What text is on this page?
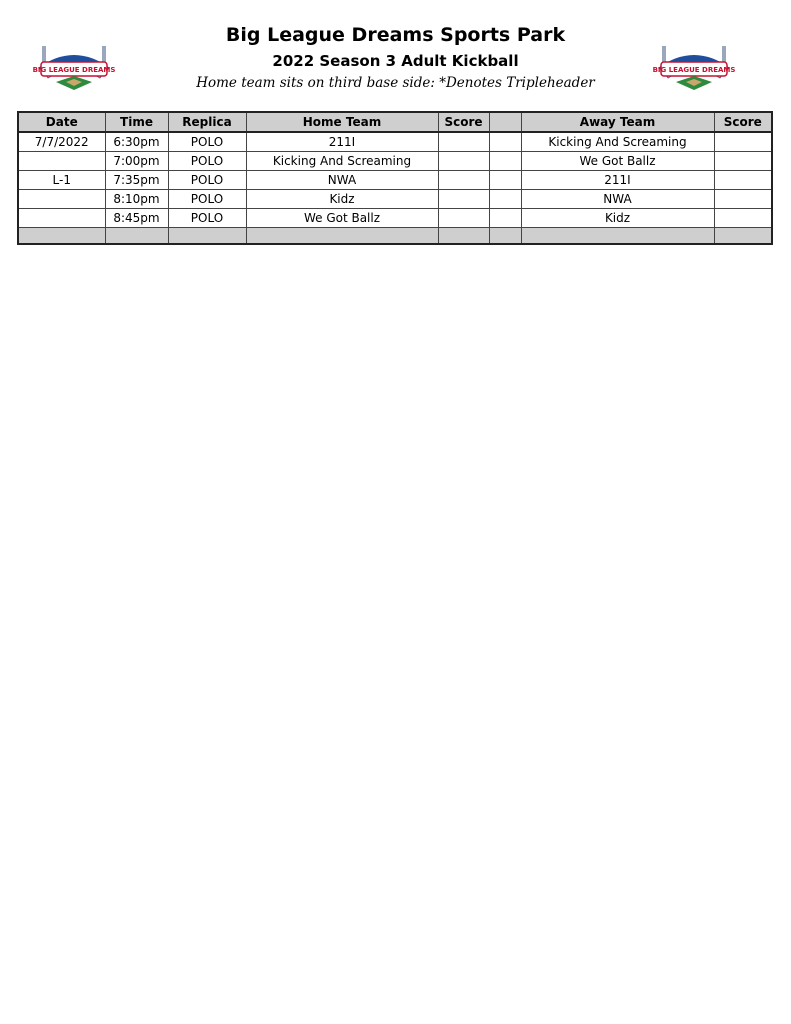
BIG LEAGUE DREAMS	BIG LEAGUE DREAMS
Big League Dreams Sports Park
2022 Season 3 Adult Kickball
Home team sits on third base side: *Denotes Tripleheader
Date	Time	Replica	Home Team	Score		Away Team	Score
7/7/2022	6:30pm	POLO	211I			Kicking And Screaming	
	7:00pm	POLO	Kicking And Screaming			We Got Ballz	
L-1	7:35pm	POLO	NWA			211I	
	8:10pm	POLO	Kidz			NWA	
	8:45pm	POLO	We Got Ballz			Kidz	
